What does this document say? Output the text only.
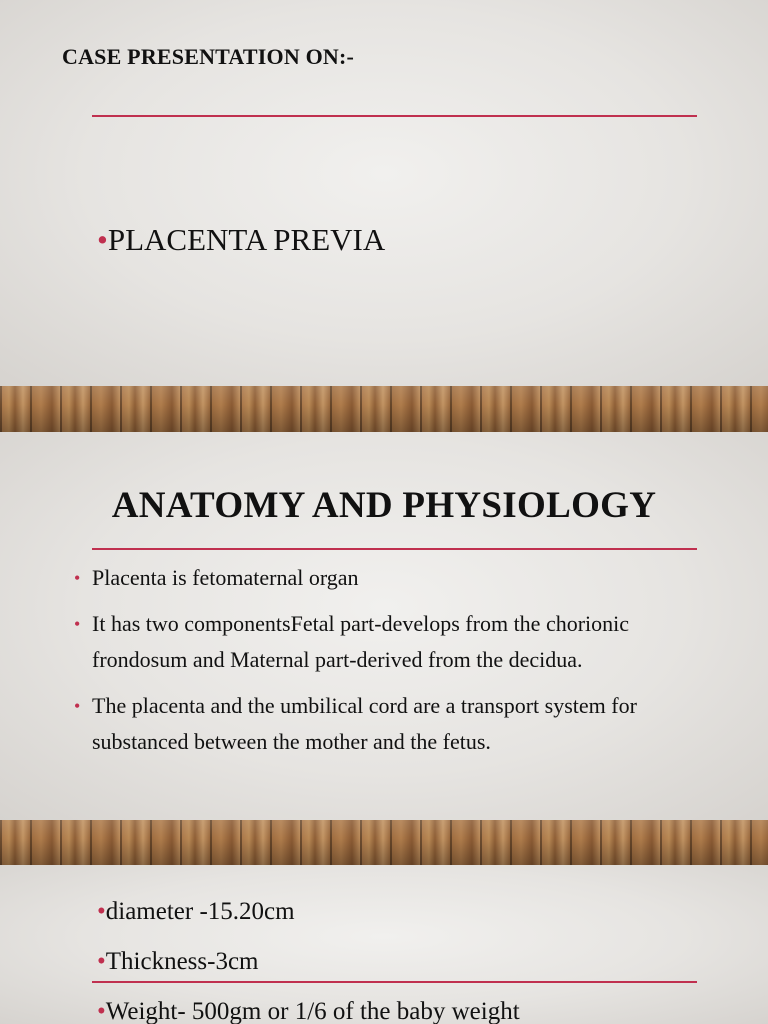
CASE PRESENTATION ON:-
•PLACENTA PREVIA
ANATOMY AND PHYSIOLOGY
• Placenta is fetomaternal organ
• It has two componentsFetal part-develops from the chorionic frondosum and Maternal part-derived from the decidua.
• The placenta and the umbilical cord are a transport system for substanced between the mother and the fetus.
•diameter -15.20cm
•Thickness-3cm
•Weight- 500gm or 1/6 of the baby weight
